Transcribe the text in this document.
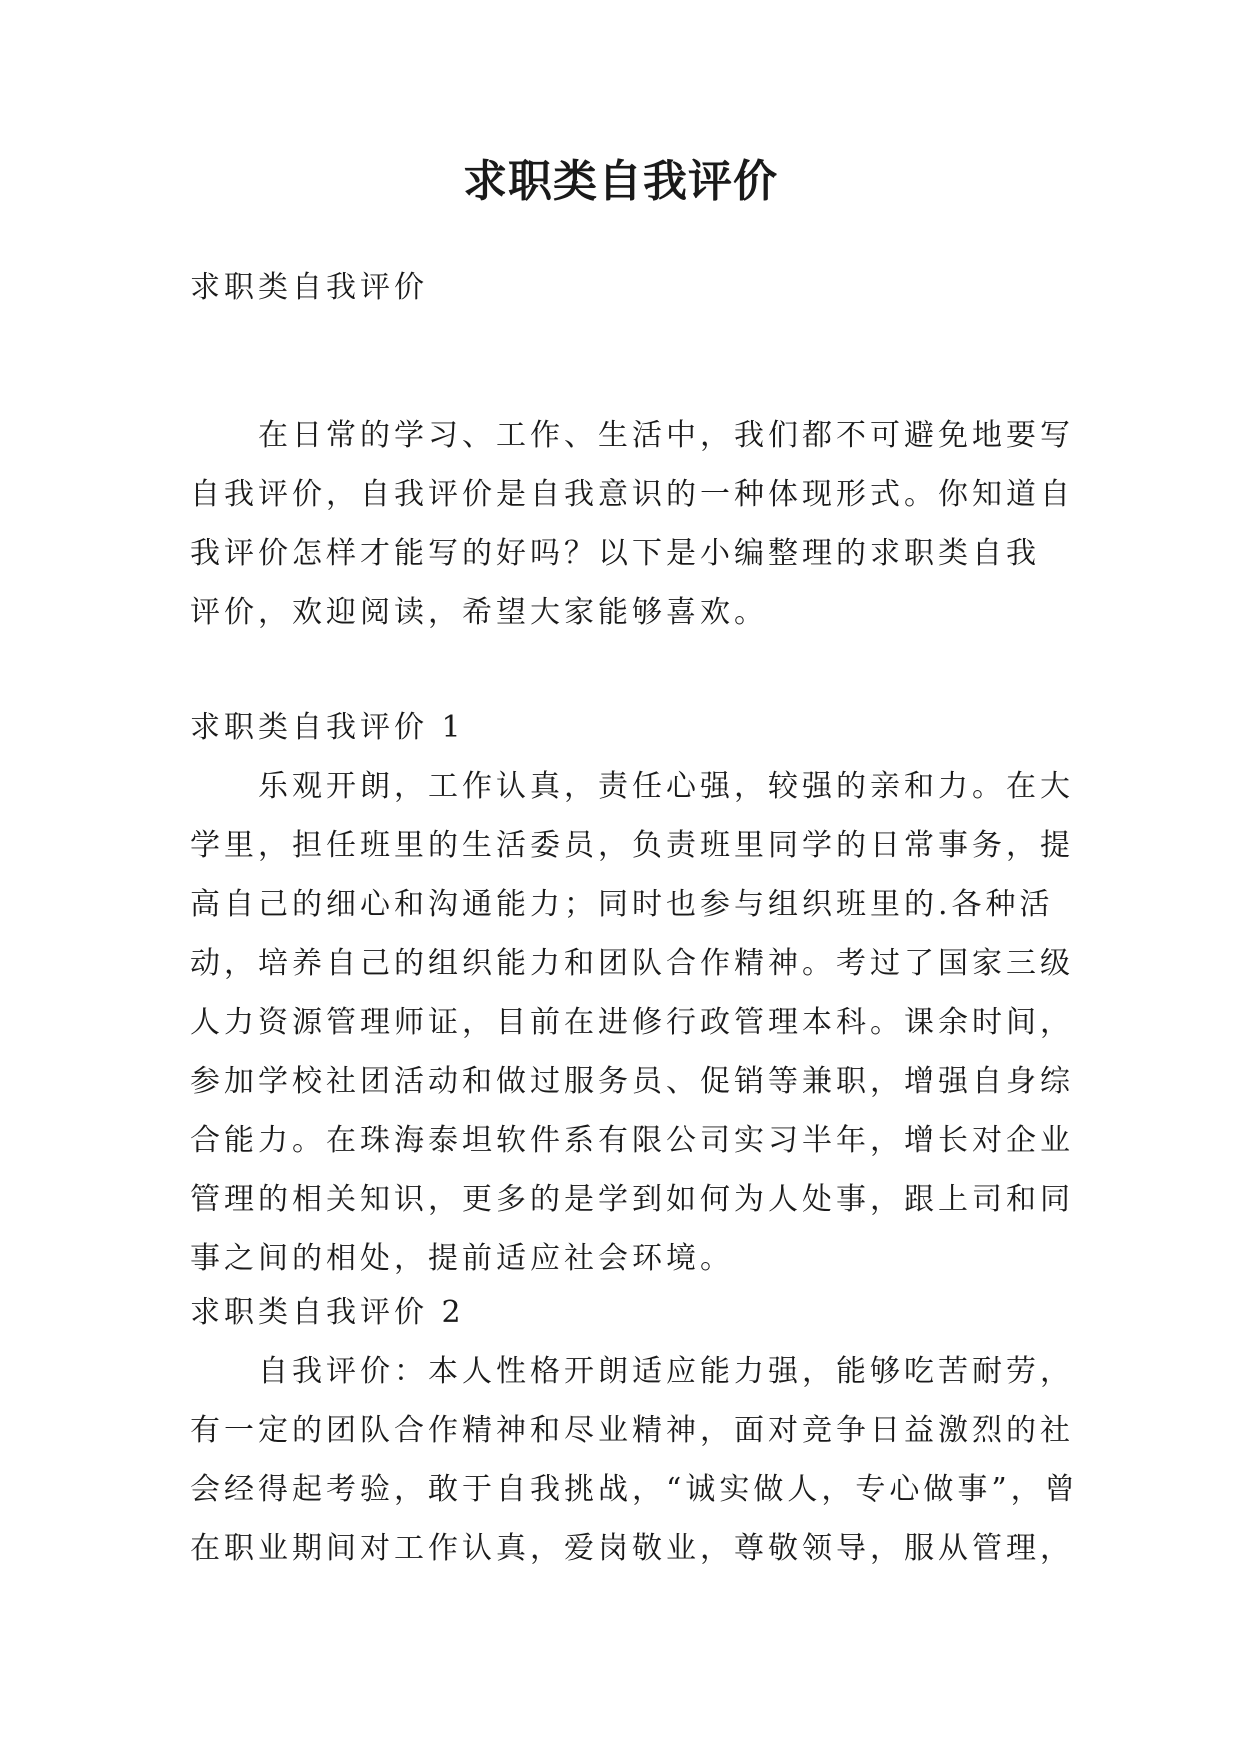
求职类自我评价
求职类自我评价
在日常的学习、工作、生活中，我们都不可避免地要写
自我评价，自我评价是自我意识的一种体现形式。你知道自
我评价怎样才能写的好吗？以下是小编整理的求职类自我
评价，欢迎阅读，希望大家能够喜欢。
求职类自我评价 1
乐观开朗，工作认真，责任心强，较强的亲和力。在大
学里，担任班里的生活委员，负责班里同学的日常事务，提
高自己的细心和沟通能力；同时也参与组织班里的.各种活
动，培养自己的组织能力和团队合作精神。考过了国家三级
人力资源管理师证，目前在进修行政管理本科。课余时间，
参加学校社团活动和做过服务员、促销等兼职，增强自身综
合能力。在珠海泰坦软件系有限公司实习半年，增长对企业
管理的相关知识，更多的是学到如何为人处事，跟上司和同
事之间的相处，提前适应社会环境。
求职类自我评价 2
自我评价：本人性格开朗适应能力强，能够吃苦耐劳，
有一定的团队合作精神和尽业精神，面对竞争日益激烈的社
会经得起考验，敢于自我挑战，“诚实做人，专心做事”，曾
在职业期间对工作认真，爱岗敬业，尊敬领导，服从管理，
